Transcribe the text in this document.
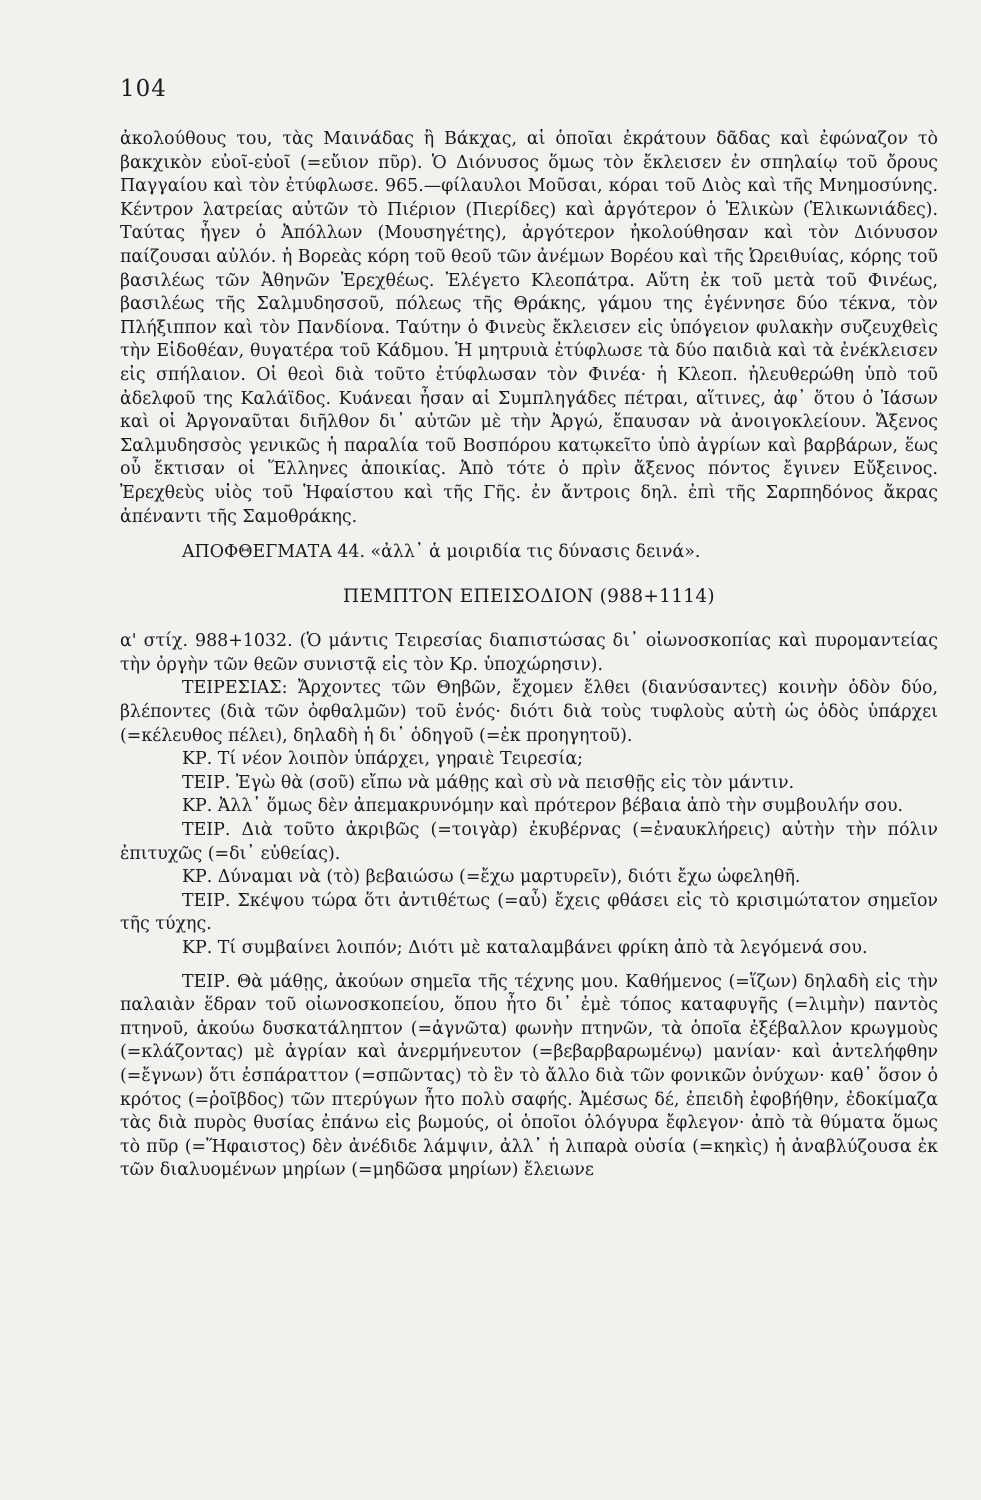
104

ἀκολούθους του, τὰς Μαινάδας ἢ Βάκχας, αἱ ὁποῖαι ἐκράτουν δᾶδας καὶ ἐφώναζον τὸ βακχικὸν εὐοῖ-εὐοῖ (=εὔιον πῦρ). Ὁ Διόνυσος ὅμως τὸν ἔκλεισεν ἐν σπηλαίῳ τοῦ ὄρους Παγγαίου καὶ τὸν ἐτύφλωσε. 965.—φίλαυλοι Μοῦσαι, κόραι τοῦ Διὸς καὶ τῆς Μνημοσύνης. Κέντρον λατρείας αὐτῶν τὸ Πιέριον (Πιερίδες) καὶ ἀργότερον ὁ Ἑλικὼν (Ἑλικωνιάδες). Ταύτας ἦγεν ὁ Ἀπόλλων (Μουσηγέτης), ἀργότερον ἠκολούθησαν καὶ τὸν Διόνυσον παίζουσαι αὐλόν. ἡ Βορεὰς κόρη τοῦ θεοῦ τῶν ἀνέμων Βορέου καὶ τῆς Ὠρειθυίας, κόρης τοῦ βασιλέως τῶν Ἀθηνῶν Ἐρεχθέως. Ἐλέγετο Κλεοπάτρα. Αὕτη ἐκ τοῦ μετὰ τοῦ Φινέως, βασιλέως τῆς Σαλμυδησσοῦ, πόλεως τῆς Θράκης, γάμου της ἐγέννησε δύο τέκνα, τὸν Πλήξιππον καὶ τὸν Πανδίονα. Ταύτην ὁ Φινεὺς ἔκλεισεν εἰς ὑπόγειον φυλακὴν συζευχθεὶς τὴν Εἰδοθέαν, θυγατέρα τοῦ Κάδμου. Ἡ μητρυιὰ ἐτύφλωσε τὰ δύο παιδιὰ καὶ τὰ ἐνέκλεισεν εἰς σπήλαιον. Οἱ θεοὶ διὰ τοῦτο ἐτύφλωσαν τὸν Φινέα· ἡ Κλεοπ. ἠλευθερώθη ὑπὸ τοῦ ἀδελφοῦ της Καλάϊδος. Κυάνεαι ἦσαν αἱ Συμπληγάδες πέτραι, αἵτινες, ἀφ᾽ ὅτου ὁ Ἰάσων καὶ οἱ Ἀργοναῦται διῆλθον δι᾽ αὐτῶν μὲ τὴν Ἀργώ, ἔπαυσαν νὰ ἀνοιγοκλείουν. Ἄξενος Σαλμυδησσὸς γενικῶς ἡ παραλία τοῦ Βοσπόρου κατῳκεῖτο ὑπὸ ἀγρίων καὶ βαρβάρων, ἕως οὗ ἔκτισαν οἱ Ἕλληνες ἀποικίας. Ἀπὸ τότε ὁ πρὶν ἄξενος πόντος ἔγινεν Εὔξεινος. Ἐρεχθεὺς υἱὸς τοῦ Ἡφαίστου καὶ τῆς Γῆς. ἐν ἄντροις δηλ. ἐπὶ τῆς Σαρπηδόνος ἄκρας ἀπέναντι τῆς Σαμοθράκης.

ΑΠΟΦΘΕΓΜΑΤΑ 44. «ἀλλ᾽ ἁ μοιριδία τις δύνασις δεινά».

ΠΕΜΠΤΟΝ ΕΠΕΙΣΟΔΙΟΝ (988+1114)

α' στίχ. 988+1032. (Ὁ μάντις Τειρεσίας διαπιστώσας δι᾽ οἰωνοσκοπίας καὶ πυρομαντείας τὴν ὀργὴν τῶν θεῶν συνιστᾷ εἰς τὸν Κρ. ὑποχώρησιν).

ΤΕΙΡΕΣΙΑΣ: Ἄρχοντες τῶν Θηβῶν, ἔχομεν ἔλθει (διανύσαντες) κοινὴν ὁδὸν δύο, βλέποντες (διὰ τῶν ὀφθαλμῶν) τοῦ ἑνός· διότι διὰ τοὺς τυφλοὺς αὐτὴ ὡς ὁδὸς ὑπάρχει (=κέλευθος πέλει), δηλαδὴ ἡ δι᾽ ὁδηγοῦ (=ἐκ προηγητοῦ).

ΚΡ. Τί νέον λοιπὸν ὑπάρχει, γηραιὲ Τειρεσία;

ΤΕΙΡ. Ἐγὼ θὰ (σοῦ) εἴπω νὰ μάθῃς καὶ σὺ νὰ πεισθῇς εἰς τὸν μάντιν.

ΚΡ. Ἀλλ᾽ ὅμως δὲν ἀπεμακρυνόμην καὶ πρότερον βέβαια ἀπὸ τὴν συμβουλήν σου.

ΤΕΙΡ. Διὰ τοῦτο ἀκριβῶς (=τοιγὰρ) ἐκυβέρνας (=ἐναυκλήρεις) αὐτὴν τὴν πόλιν ἐπιτυχῶς (=δι᾽ εὐθείας).

ΚΡ. Δύναμαι νὰ (τὸ) βεβαιώσω (=ἔχω μαρτυρεῖν), διότι ἔχω ὠφεληθῆ.

ΤΕΙΡ. Σκέψου τώρα ὅτι ἀντιθέτως (=αὖ) ἔχεις φθάσει εἰς τὸ κρισιμώτατον σημεῖον τῆς τύχης.

ΚΡ. Τί συμβαίνει λοιπόν; Διότι μὲ καταλαμβάνει φρίκη ἀπὸ τὰ λεγόμενά σου.

ΤΕΙΡ. Θὰ μάθῃς, ἀκούων σημεῖα τῆς τέχνης μου. Καθήμενος (=ἵζων) δηλαδὴ εἰς τὴν παλαιὰν ἕδραν τοῦ οἰωνοσκοπείου, ὅπου ἦτο δι᾽ ἐμὲ τόπος καταφυγῆς (=λιμὴν) παντὸς πτηνοῦ, ἀκούω δυσκατάληπτον (=ἀγνῶτα) φωνὴν πτηνῶν, τὰ ὁποῖα ἐξέβαλλον κρωγμοὺς (=κλάζοντας) μὲ ἀγρίαν καὶ ἀνερμήνευτον (=βεβαρβαρωμένῳ) μανίαν· καὶ ἀντελήφθην (=ἔγνων) ὅτι ἐσπάραττον (=σπῶντας) τὸ ἓν τὸ ἄλλο διὰ τῶν φονικῶν ὀνύχων· καθ᾽ ὅσον ὁ κρότος (=ῥοῖβδος) τῶν πτερύγων ἦτο πολὺ σαφής. Ἀμέσως δέ, ἐπειδὴ ἐφοβήθην, ἐδοκίμαζα τὰς διὰ πυρὸς θυσίας ἐπάνω εἰς βωμούς, οἱ ὁποῖοι ὁλόγυρα ἔφλεγον· ἀπὸ τὰ θύματα ὅμως τὸ πῦρ (=Ἥφαιστος) δὲν ἀνέδιδε λάμψιν, ἀλλ᾽ ἡ λιπαρὰ οὐσία (=κηκὶς) ἡ ἀναβλύζουσα ἐκ τῶν διαλυομένων μηρίων (=μηδῶσα μηρίων) ἔλειωνε
